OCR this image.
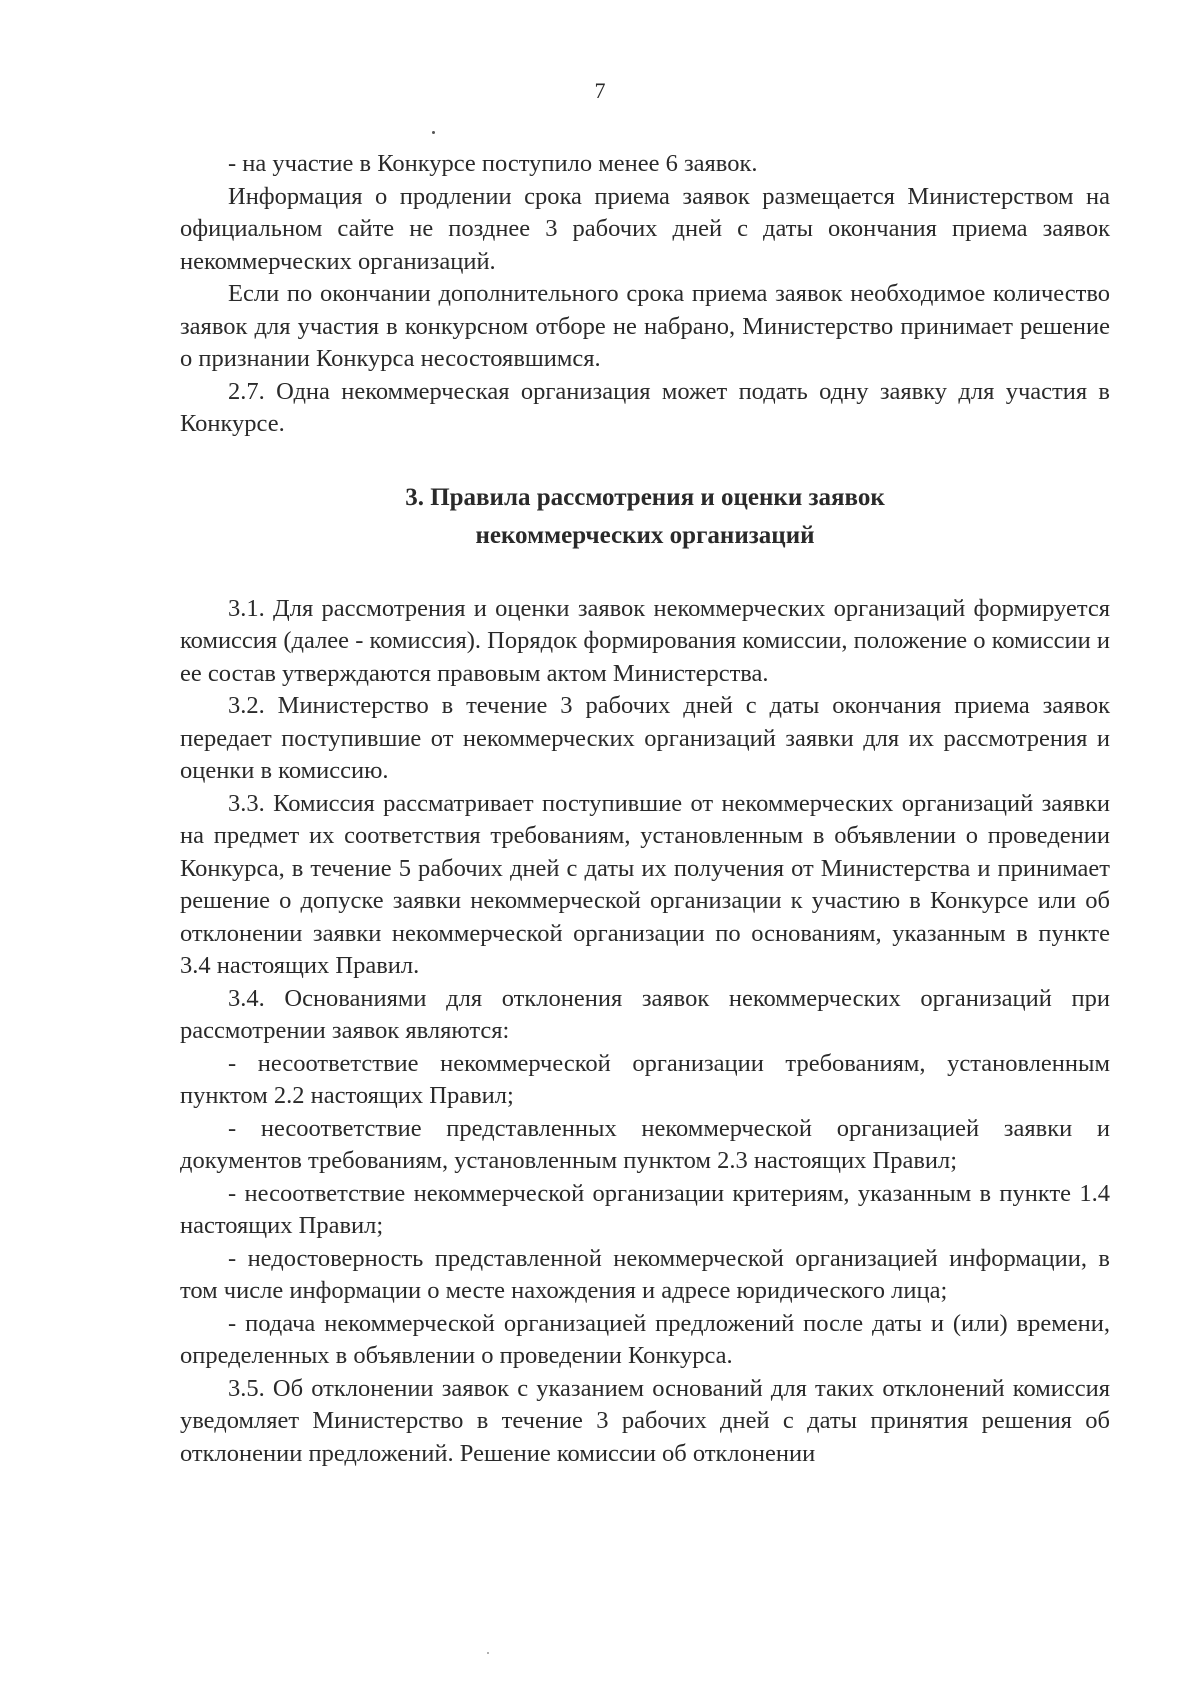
7

- на участие в Конкурсе поступило менее 6 заявок.

Информация о продлении срока приема заявок размещается Министерством на официальном сайте не позднее 3 рабочих дней с даты окончания приема заявок некоммерческих организаций.

Если по окончании дополнительного срока приема заявок необходимое количество заявок для участия в конкурсном отборе не набрано, Министерство принимает решение о признании Конкурса несостоявшимся.

2.7. Одна некоммерческая организация может подать одну заявку для участия в Конкурсе.

3. Правила рассмотрения и оценки заявок
некоммерческих организаций

3.1. Для рассмотрения и оценки заявок некоммерческих организаций формируется комиссия (далее - комиссия). Порядок формирования комиссии, положение о комиссии и ее состав утверждаются правовым актом Министерства.

3.2. Министерство в течение 3 рабочих дней с даты окончания приема заявок передает поступившие от некоммерческих организаций заявки для их рассмотрения и оценки в комиссию.

3.3. Комиссия рассматривает поступившие от некоммерческих организаций заявки на предмет их соответствия требованиям, установленным в объявлении о проведении Конкурса, в течение 5 рабочих дней с даты их получения от Министерства и принимает решение о допуске заявки некоммерческой организации к участию в Конкурсе или об отклонении заявки некоммерческой организации по основаниям, указанным в пункте 3.4 настоящих Правил.

3.4. Основаниями для отклонения заявок некоммерческих организаций при рассмотрении заявок являются:

- несоответствие некоммерческой организации требованиям, установленным пунктом 2.2 настоящих Правил;

- несоответствие представленных некоммерческой организацией заявки и документов требованиям, установленным пунктом 2.3 настоящих Правил;

- несоответствие некоммерческой организации критериям, указанным в пункте 1.4 настоящих Правил;

- недостоверность представленной некоммерческой организацией информации, в том числе информации о месте нахождения и адресе юридического лица;

- подача некоммерческой организацией предложений после даты и (или) времени, определенных в объявлении о проведении Конкурса.

3.5. Об отклонении заявок с указанием оснований для таких отклонений комиссия уведомляет Министерство в течение 3 рабочих дней с даты принятия решения об отклонении предложений. Решение комиссии об отклонении
